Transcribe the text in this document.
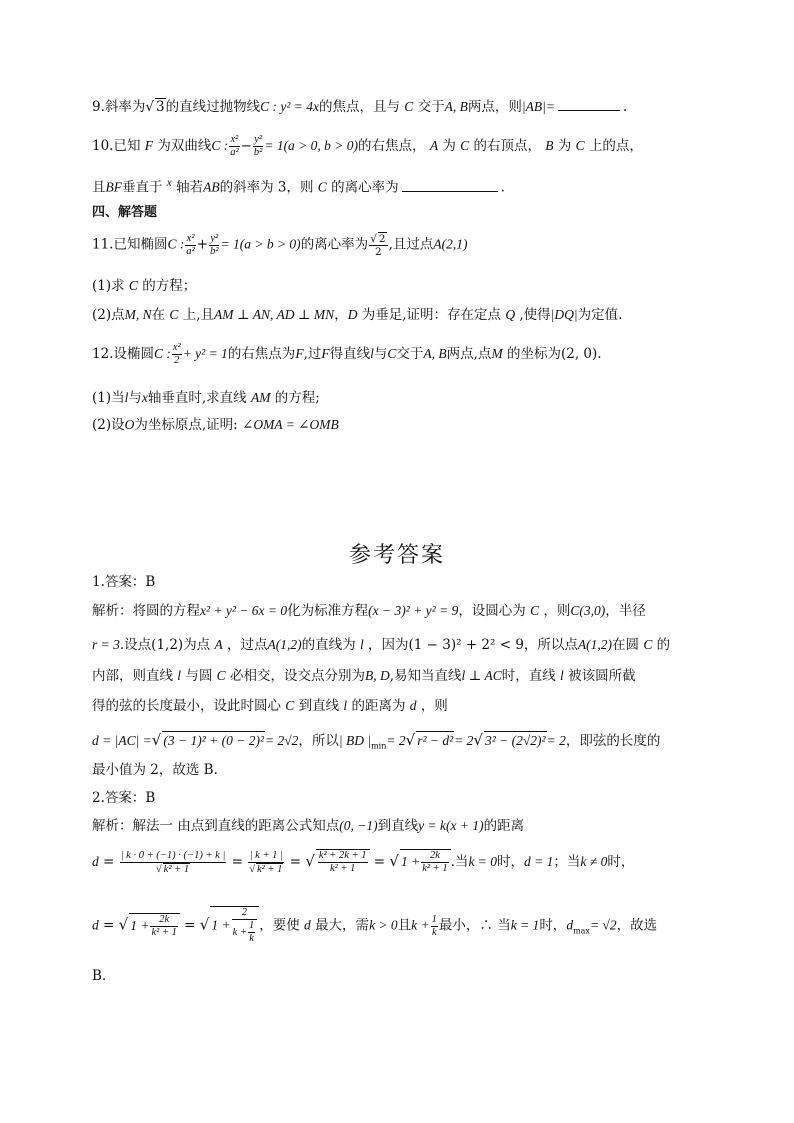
9.斜率为√ 3的直线过抛物线C : y² = 4x的焦点，且与 C 交于A, B两点，则|AB|=	.
10.已知 F 为双曲线C : $\frac{\text{x²}}{\text{a²}} - \frac{\text{y²}}{\text{b²}} = 1(a > 0$, b > 0)的右焦点， A 为 C 的右顶点， B 为 C 上的点，
且BF垂直于 $^x$ 轴若AB的斜率为 3，则 C 的离心率为	.
四、解答题
11.已知椭圆C : $\frac{\text{x²}}{\text{a²}} + \frac{\text{y²}}{\text{b²}} = 1(a > b > 0)$的离心率为 $\frac{√ 2}{2}$ ,且过点A(2,1)
(1)求 C 的方程；
(2)点M, N在 C 上,且AM ⊥ AN, AD ⊥ MN，D 为垂足,证明：存在定点 Q ,使得|DQ|为定值.
12.设椭圆C : $\frac{\text{x²}}{2} + y^2 = 1$的右焦点为F,过F得直线l与C交于A, B两点,点M 的坐标为(2, 0).
(1)当l与x轴垂直时,求直线 AM 的方程;
(2)设O为坐标原点,证明: ∠OMA = ∠OMB
参考答案
1.答案：B
解析：将圆的方程x² + y² − 6x = 0化为标准方程(x − 3)² + y² = 9，设圆心为 C ，则C(3,0)，半径
r = 3.设点(1,2)为点 A ，过点A(1,2)的直线为 l ，因为(1 − 3)² + 2² < 9，所以点A(1,2)在圆 C 的
内部，则直线 l 与圆 C 必相交，设交点分别为B, D,易知当直线l ⊥ AC时，直线 l 被该圆所截
得的弦的长度最小，设此时圆心 C 到直线 l 的距离为 d ，则
d = |AC| =√ (3 − 1)² + (0 − 2)²= 2√2，所以| BD $|_{min}= 2√$ r² − d²= 2√ 3² − (2√2)²= 2，即弦的长度的
最小值为 2，故选 B.
2.答案：B
解析：解法一 由点到直线的距离公式知点(0, −1)到直线y = k(x + 1)的距离
$d = \frac{| k \cdot 0 + (-1) \cdot (-1) + k |}{\text{√ k² + 1}} = \frac{| k + 1 |}{\text{√ k² + 1}}$ = √ $\frac{\text{k² + 2k + 1}}{\text{k² + 1}}$ = √ $1 + \frac{2k}{\text{k² + 1}}$ .当k = 0时，d = 1；当k ≠ 0时，
d = √ $1 + \frac{2k}{\text{k² + 1}}$ = √ $1 + \frac{2}{k + \frac{1}{k}}$ ，要使 d 最大，需k > 0且$k + \frac{1}{k}$ 最小，∴ 当k = 1时，$d_{max}= √2$，故选
B.
